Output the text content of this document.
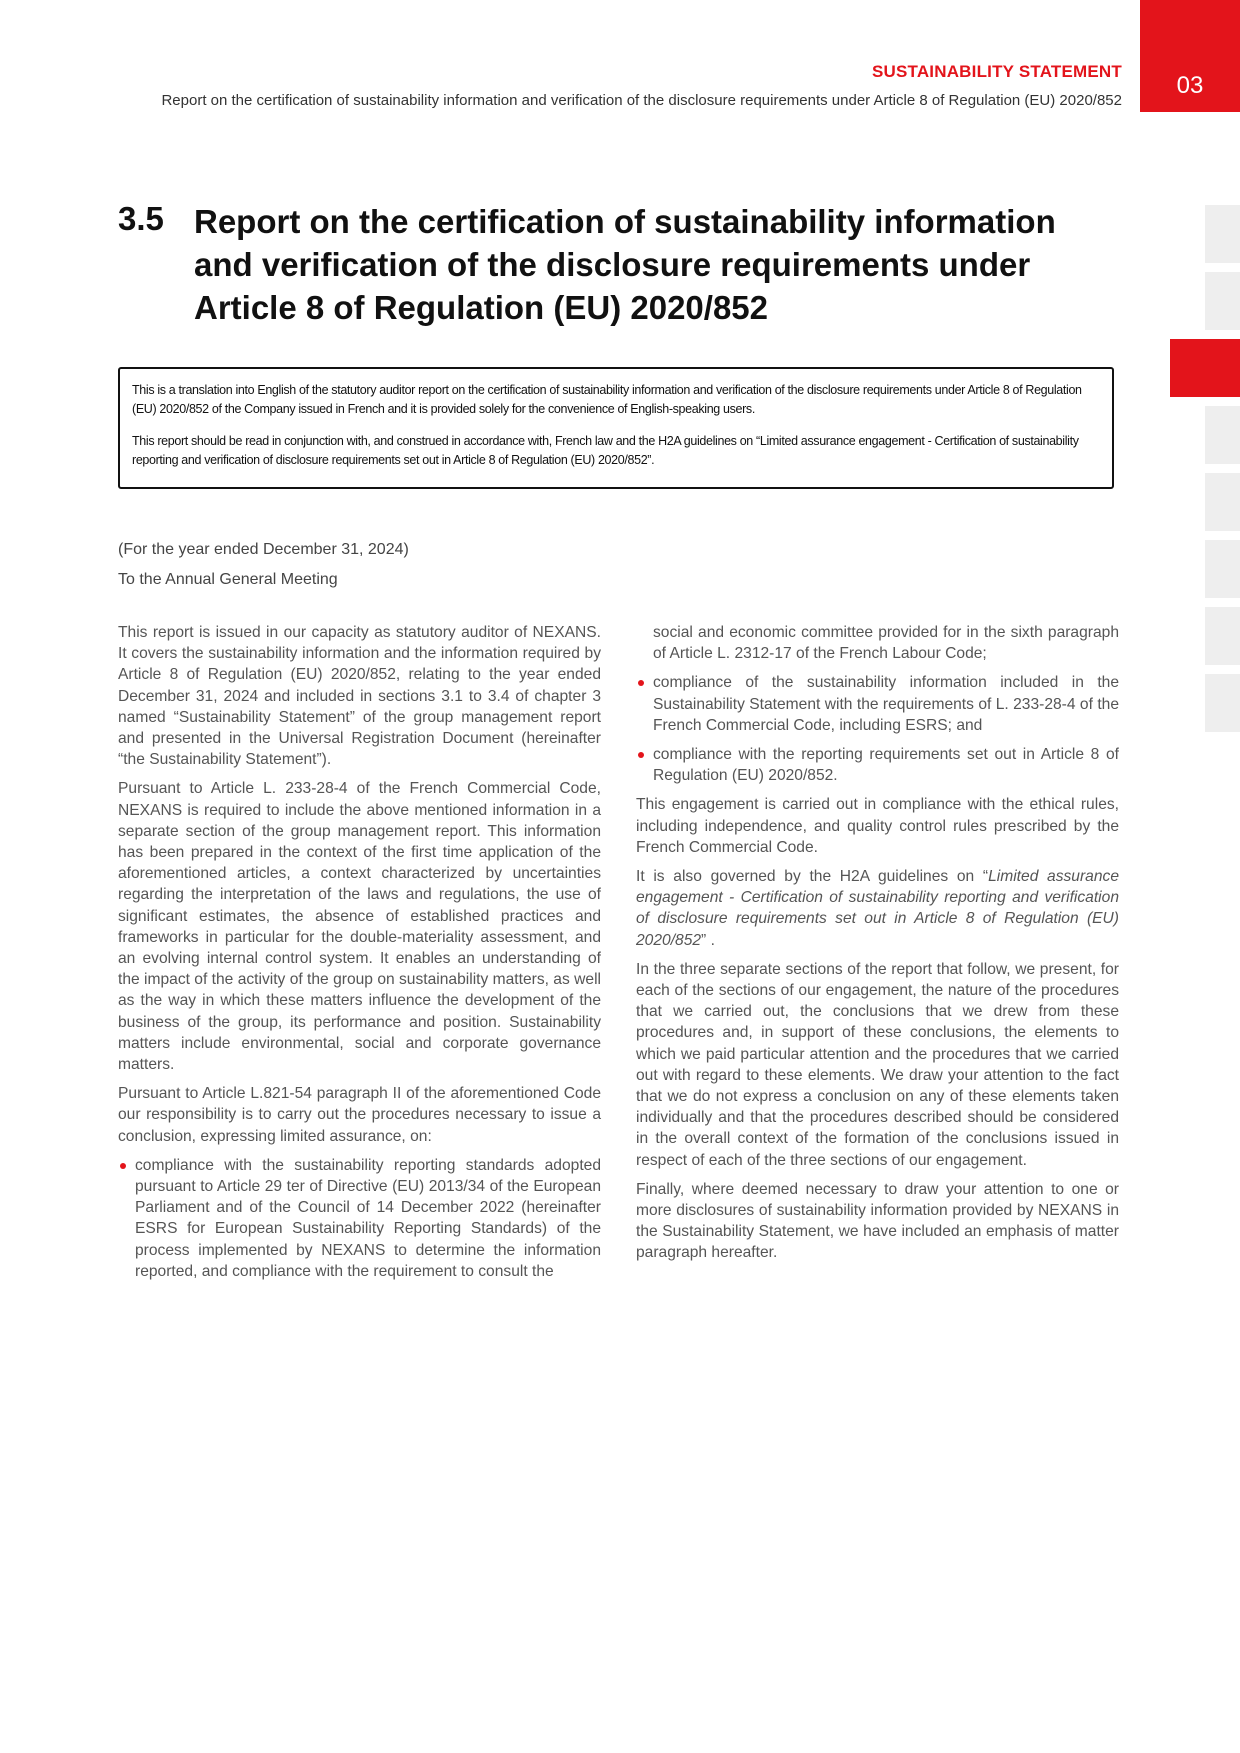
SUSTAINABILITY STATEMENT
Report on the certification of sustainability information and verification of the disclosure requirements under Article 8 of Regulation (EU) 2020/852
03
3.5 Report on the certification of sustainability information and verification of the disclosure requirements under Article 8 of Regulation (EU) 2020/852

This is a translation into English of the statutory auditor report on the certification of sustainability information and verification of the disclosure requirements under Article 8 of Regulation (EU) 2020/852 of the Company issued in French and it is provided solely for the convenience of English-speaking users.

This report should be read in conjunction with, and construed in accordance with, French law and the H2A guidelines on “Limited assurance engagement - Certification of sustainability reporting and verification of disclosure requirements set out in Article 8 of Regulation (EU) 2020/852”.

(For the year ended December 31, 2024)
To the Annual General Meeting

This report is issued in our capacity as statutory auditor of NEXANS. It covers the sustainability information and the information required by Article 8 of Regulation (EU) 2020/852, relating to the year ended December 31, 2024 and included in sections 3.1 to 3.4 of chapter 3 named “Sustainability Statement” of the group management report and presented in the Universal Registration Document (hereinafter “the Sustainability Statement”).

Pursuant to Article L. 233-28-4 of the French Commercial Code, NEXANS is required to include the above mentioned information in a separate section of the group management report. This information has been prepared in the context of the first time application of the aforementioned articles, a context characterized by uncertainties regarding the interpretation of the laws and regulations, the use of significant estimates, the absence of established practices and frameworks in particular for the double-materiality assessment, and an evolving internal control system. It enables an understanding of the impact of the activity of the group on sustainability matters, as well as the way in which these matters influence the development of the business of the group, its performance and position. Sustainability matters include environmental, social and corporate governance matters.

Pursuant to Article L.821-54 paragraph II of the aforementioned Code our responsibility is to carry out the procedures necessary to issue a conclusion, expressing limited assurance, on:

compliance with the sustainability reporting standards adopted pursuant to Article 29 ter of Directive (EU) 2013/34 of the European Parliament and of the Council of 14 December 2022 (hereinafter ESRS for European Sustainability Reporting Standards) of the process implemented by NEXANS to determine the information reported, and compliance with the requirement to consult the

social and economic committee provided for in the sixth paragraph of Article L. 2312-17 of the French Labour Code;

compliance of the sustainability information included in the Sustainability Statement with the requirements of L. 233-28-4 of the French Commercial Code, including ESRS; and
compliance with the reporting requirements set out in Article 8 of Regulation (EU) 2020/852.

This engagement is carried out in compliance with the ethical rules, including independence, and quality control rules prescribed by the French Commercial Code.

It is also governed by the H2A guidelines on “Limited assurance engagement - Certification of sustainability reporting and verification of disclosure requirements set out in Article 8 of Regulation (EU) 2020/852” .

In the three separate sections of the report that follow, we present, for each of the sections of our engagement, the nature of the procedures that we carried out, the conclusions that we drew from these procedures and, in support of these conclusions, the elements to which we paid particular attention and the procedures that we carried out with regard to these elements. We draw your attention to the fact that we do not express a conclusion on any of these elements taken individually and that the procedures described should be considered in the overall context of the formation of the conclusions issued in respect of each of the three sections of our engagement.

Finally, where deemed necessary to draw your attention to one or more disclosures of sustainability information provided by NEXANS in the Sustainability Statement, we have included an emphasis of matter paragraph hereafter.
